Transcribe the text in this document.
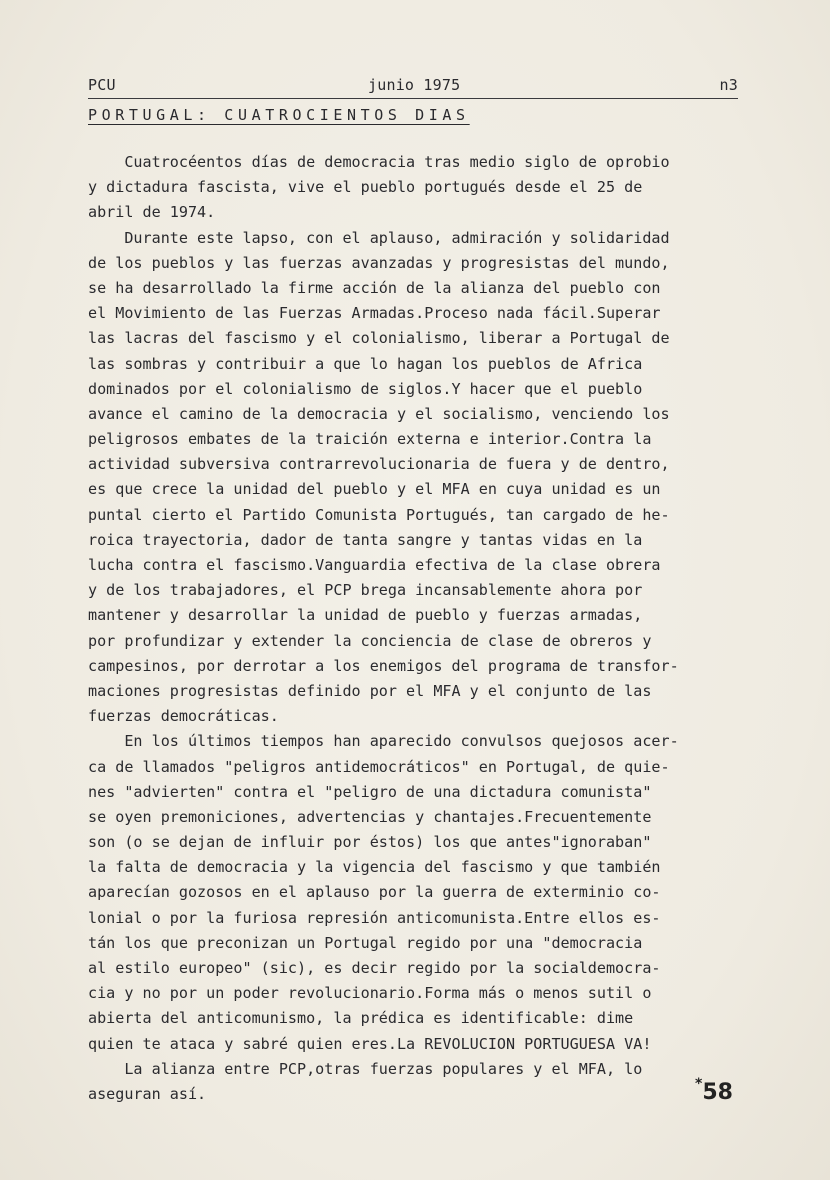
PCU	junio 1975	n3
PORTUGAL: CUATROCIENTOS DIAS
Cuatrocéentos días de democracia tras medio siglo de oprobio
y dictadura fascista, vive el pueblo portugués desde el 25 de
abril de 1974.
Durante este lapso, con el aplauso, admiración y solidaridad
de los pueblos y las fuerzas avanzadas y progresistas del mundo,
se ha desarrollado la firme acción de la alianza del pueblo con
el Movimiento de las Fuerzas Armadas.Proceso nada fácil.Superar
las lacras del fascismo y el colonialismo, liberar a Portugal de
las sombras y contribuir a que lo hagan los pueblos de Africa
dominados por el colonialismo de siglos.Y hacer que el pueblo
avance el camino de la democracia y el socialismo, venciendo los
peligrosos embates de la traición externa e interior.Contra la
actividad subversiva contrarrevolucionaria de fuera y de dentro,
es que crece la unidad del pueblo y el MFA en cuya unidad es un
puntal cierto el Partido Comunista Portugués, tan cargado de he-
roica trayectoria, dador de tanta sangre y tantas vidas en la
lucha contra el fascismo.Vanguardia efectiva de la clase obrera
y de los trabajadores, el PCP brega incansablemente ahora por
mantener y desarrollar la unidad de pueblo y fuerzas armadas,
por profundizar y extender la conciencia de clase de obreros y
campesinos, por derrotar a los enemigos del programa de transfor-
maciones progresistas definido por el MFA y el conjunto de las
fuerzas democráticas.
En los últimos tiempos han aparecido convulsos quejosos acer-
ca de llamados "peligros antidemocráticos" en Portugal, de quie-
nes "advierten" contra el "peligro de una dictadura comunista"
se oyen premoniciones, advertencias y chantajes.Frecuentemente
son (o se dejan de influir por éstos) los que antes"ignoraban"
la falta de democracia y la vigencia del fascismo y que también
aparecían gozosos en el aplauso por la guerra de exterminio co-
lonial o por la furiosa represión anticomunista.Entre ellos es-
tán los que preconizan un Portugal regido por una "democracia
al estilo europeo" (sic), es decir regido por la socialdemocra-
cia y no por un poder revolucionario.Forma más o menos sutil o
abierta del anticomunismo, la prédica es identificable: dime
quien te ataca y sabré quien eres.La REVOLUCION PORTUGUESA VA!
La alianza entre PCP,otras fuerzas populares y el MFA, lo
aseguran así.
*58
